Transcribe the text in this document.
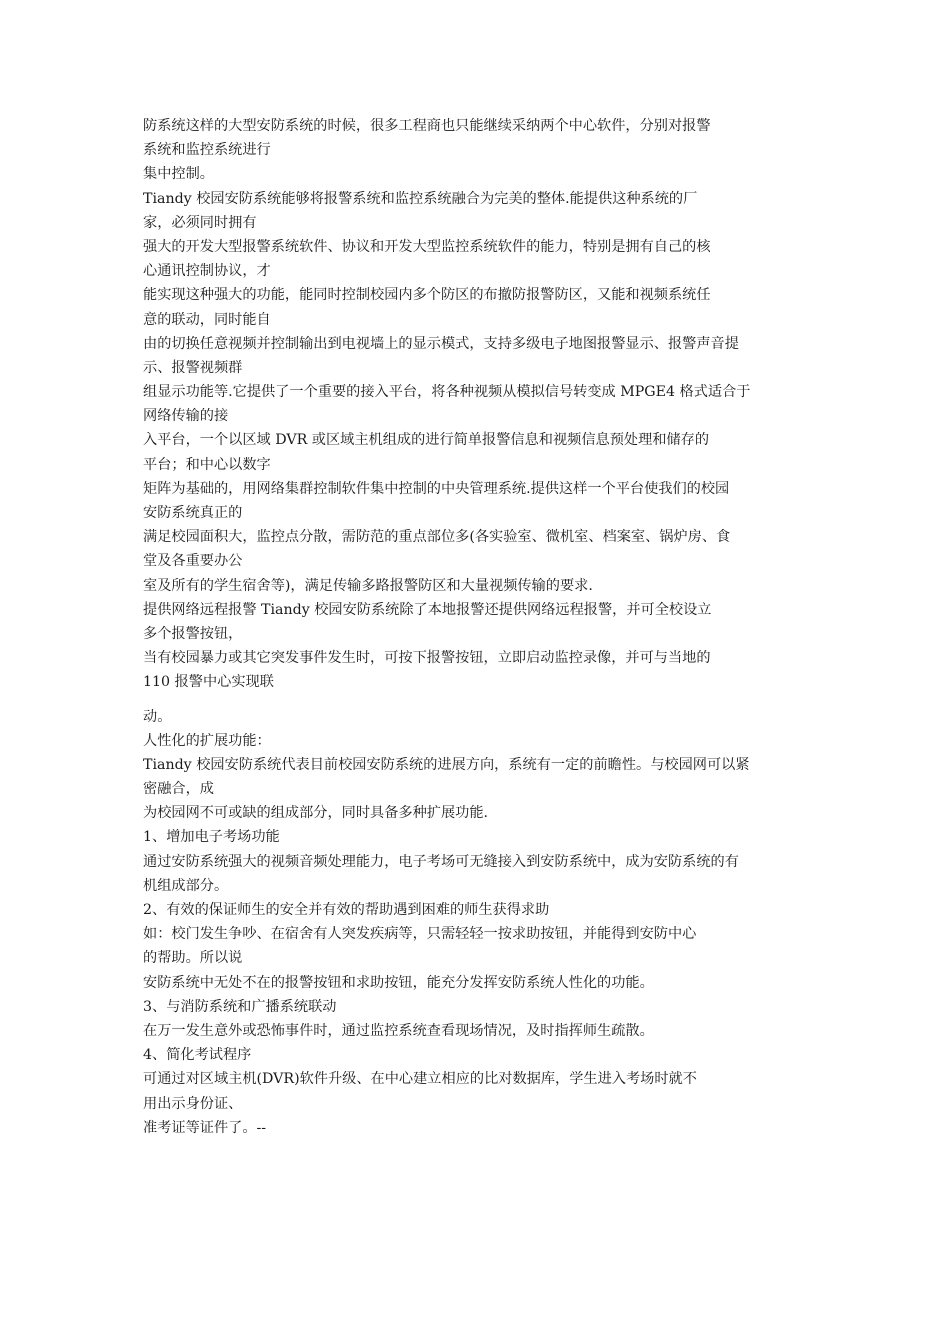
防系统这样的大型安防系统的时候，很多工程商也只能继续采纳两个中心软件，分别对报警
系统和监控系统进行
集中控制。
Tiandy 校园安防系统能够将报警系统和监控系统融合为完美的整体.能提供这种系统的厂
家，必须同时拥有
强大的开发大型报警系统软件、协议和开发大型监控系统软件的能力，特别是拥有自己的核
心通讯控制协议，才
能实现这种强大的功能，能同时控制校园内多个防区的布撤防报警防区，又能和视频系统任
意的联动，同时能自
由的切换任意视频并控制输出到电视墙上的显示模式，支持多级电子地图报警显示、报警声音提
示、报警视频群
组显示功能等.它提供了一个重要的接入平台，将各种视频从模拟信号转变成 MPGE4 格式适合于
网络传输的接
入平台，一个以区域 DVR 或区域主机组成的进行简单报警信息和视频信息预处理和储存的
平台；和中心以数字
矩阵为基础的，用网络集群控制软件集中控制的中央管理系统.提供这样一个平台使我们的校园
安防系统真正的
满足校园面积大，监控点分散，需防范的重点部位多(各实验室、微机室、档案室、锅炉房、食
堂及各重要办公
室及所有的学生宿舍等)，满足传输多路报警防区和大量视频传输的要求.
提供网络远程报警 Tiandy 校园安防系统除了本地报警还提供网络远程报警，并可全校设立
多个报警按钮，
当有校园暴力或其它突发事件发生时，可按下报警按钮，立即启动监控录像，并可与当地的
110 报警中心实现联
动。
人性化的扩展功能：
Tiandy 校园安防系统代表目前校园安防系统的进展方向，系统有一定的前瞻性。与校园网可以紧
密融合，成
为校园网不可或缺的组成部分，同时具备多种扩展功能.
1、增加电子考场功能
通过安防系统强大的视频音频处理能力，电子考场可无缝接入到安防系统中，成为安防系统的有
机组成部分。
2、有效的保证师生的安全并有效的帮助遇到困难的师生获得求助
如：校门发生争吵、在宿舍有人突发疾病等，只需轻轻一按求助按钮，并能得到安防中心
的帮助。所以说
安防系统中无处不在的报警按钮和求助按钮，能充分发挥安防系统人性化的功能。
3、与消防系统和广播系统联动
在万一发生意外或恐怖事件时，通过监控系统查看现场情况，及时指挥师生疏散。
4、简化考试程序
可通过对区域主机(DVR)软件升级、在中心建立相应的比对数据库，学生进入考场时就不
用出示身份证、
准考证等证件了。--
